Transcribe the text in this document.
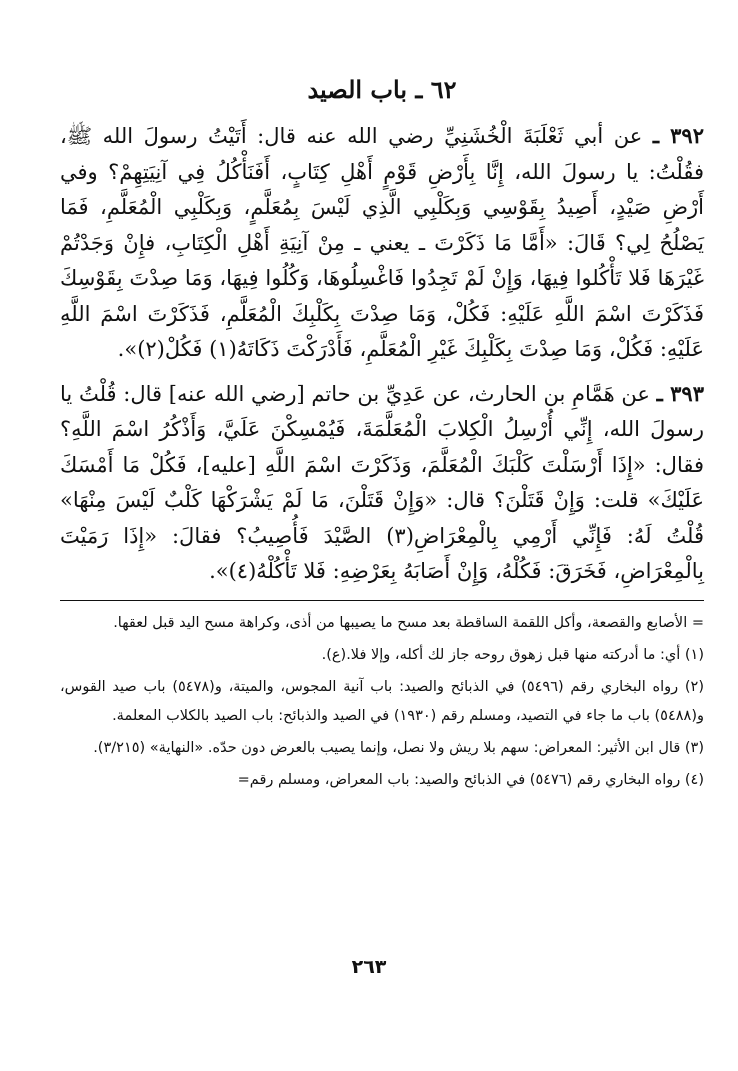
٦٢ ـ باب الصيد

٣٩٢ ـ عن أبي ثَعْلَبَةَ الْخُشَنِيِّ رضي الله عنه قال: أَتَيْتُ رسولَ الله ﷺ، فقُلْتُ: يا رسولَ الله، إِنَّا بِأَرْضِ قَوْمٍ أَهْلِ كِتَابٍ، أَفَنَأْكُلُ فِي آنِيَتِهِمْ؟ وفي أَرْضِ صَيْدٍ، أَصِيدُ بِقَوْسِي وَبِكَلْبِي الَّذِي لَيْسَ بِمُعَلَّمٍ، وَبِكَلْبِي الْمُعَلَّمِ، فَمَا يَصْلُحُ لِي؟ قَالَ: «أَمَّا مَا ذَكَرْتَ ـ يعني ـ مِنْ آنِيَةِ أَهْلِ الْكِتَابِ، فإِنْ وَجَدْتُمْ غَيْرَهَا فَلا تَأْكُلوا فِيهَا، وَإِنْ لَمْ تَجِدُوا فَاغْسِلُوهَا، وَكُلُوا فِيهَا، وَمَا صِدْتَ بِقَوْسِكَ فَذَكَرْتَ اسْمَ اللَّهِ عَلَيْهِ: فَكُلْ، وَمَا صِدْتَ بِكَلْبِكَ الْمُعَلَّمِ، فَذَكَرْتَ اسْمَ اللَّهِ عَلَيْهِ: فَكُلْ، وَمَا صِدْتَ بِكَلْبِكَ غَيْرِ الْمُعَلَّمِ، فَأَدْرَكْتَ ذَكَاتَهُ(١) فَكُلْ(٢)».

٣٩٣ ـ عن هَمَّامِ بن الحارث، عن عَدِيِّ بن حاتم [رضي الله عنه] قال: قُلْتُ يا رسولَ الله، إِنِّي أُرْسِلُ الْكِلابَ الْمُعَلَّمَةَ، فَيُمْسِكْنَ عَلَيَّ، وَأَذْكُرُ اسْمَ اللَّهِ؟ فقال: «إِذَا أَرْسَلْتَ كَلْبَكَ الْمُعَلَّمَ، وَذَكَرْتَ اسْمَ اللَّهِ [عليه]، فَكُلْ مَا أَمْسَكَ عَلَيْكَ» قلت: وَإِنْ قَتَلْنَ؟ قال: «وَإِنْ قَتَلْنَ، مَا لَمْ يَشْرَكْهَا كَلْبٌ لَيْسَ مِنْهَا» قُلْتُ لَهُ: فَإِنِّي أَرْمِي بِالْمِعْرَاضِ(٣) الصَّيْدَ فَأُصِيبُ؟ فقالَ: «إِذَا رَمَيْتَ بِالْمِعْرَاضِ، فَخَرَقَ: فَكُلْهُ، وَإِنْ أَصَابَهُ بِعَرْضِهِ: فَلا تَأْكُلْهُ(٤)».

= الأصابع والقصعة، وأكل اللقمة الساقطة بعد مسح ما يصيبها من أذى، وكراهة مسح اليد قبل لعقها.

(١) أي: ما أدركته منها قبل زهوق روحه جاز لك أكله، وإلا فلا.(ع).

(٢) رواه البخاري رقم (٥٤٩٦) في الذبائح والصيد: باب آنية المجوس، والميتة، و(٥٤٧٨) باب صيد القوس، و(٥٤٨٨) باب ما جاء في التصيد، ومسلم رقم (١٩٣٠) في الصيد والذبائح: باب الصيد بالكلاب المعلمة.

(٣) قال ابن الأثير: المعراض: سهم بلا ريش ولا نصل، وإنما يصيب بالعرض دون حدّه. «النهاية» (٣/٢١٥).

(٤) رواه البخاري رقم (٥٤٧٦) في الذبائح والصيد: باب المعراض، ومسلم رقم=

٢٦٣
